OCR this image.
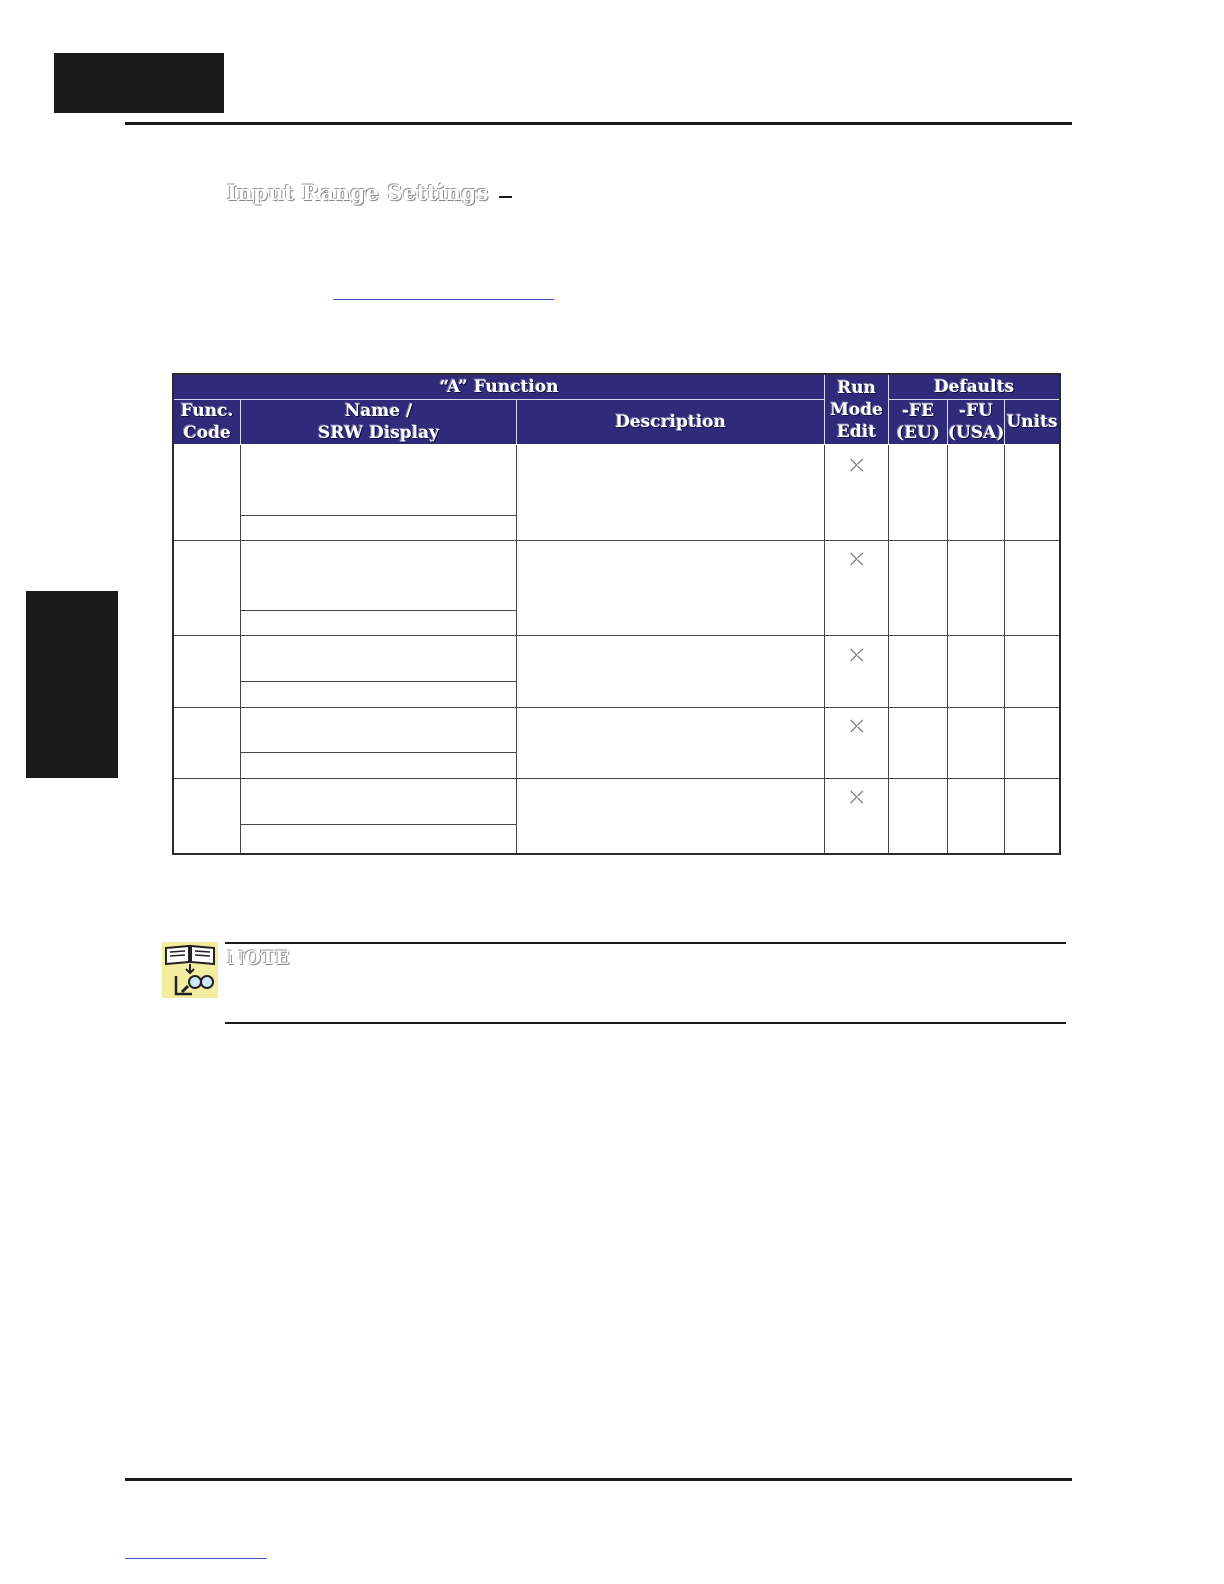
Input Range Settings
“A” Function	Run
Mode
Edit
Defaults
Func.
Code
Name /
SRW Display
Description
-FE
(EU)
-FU
(USA)
Units
NOTE
